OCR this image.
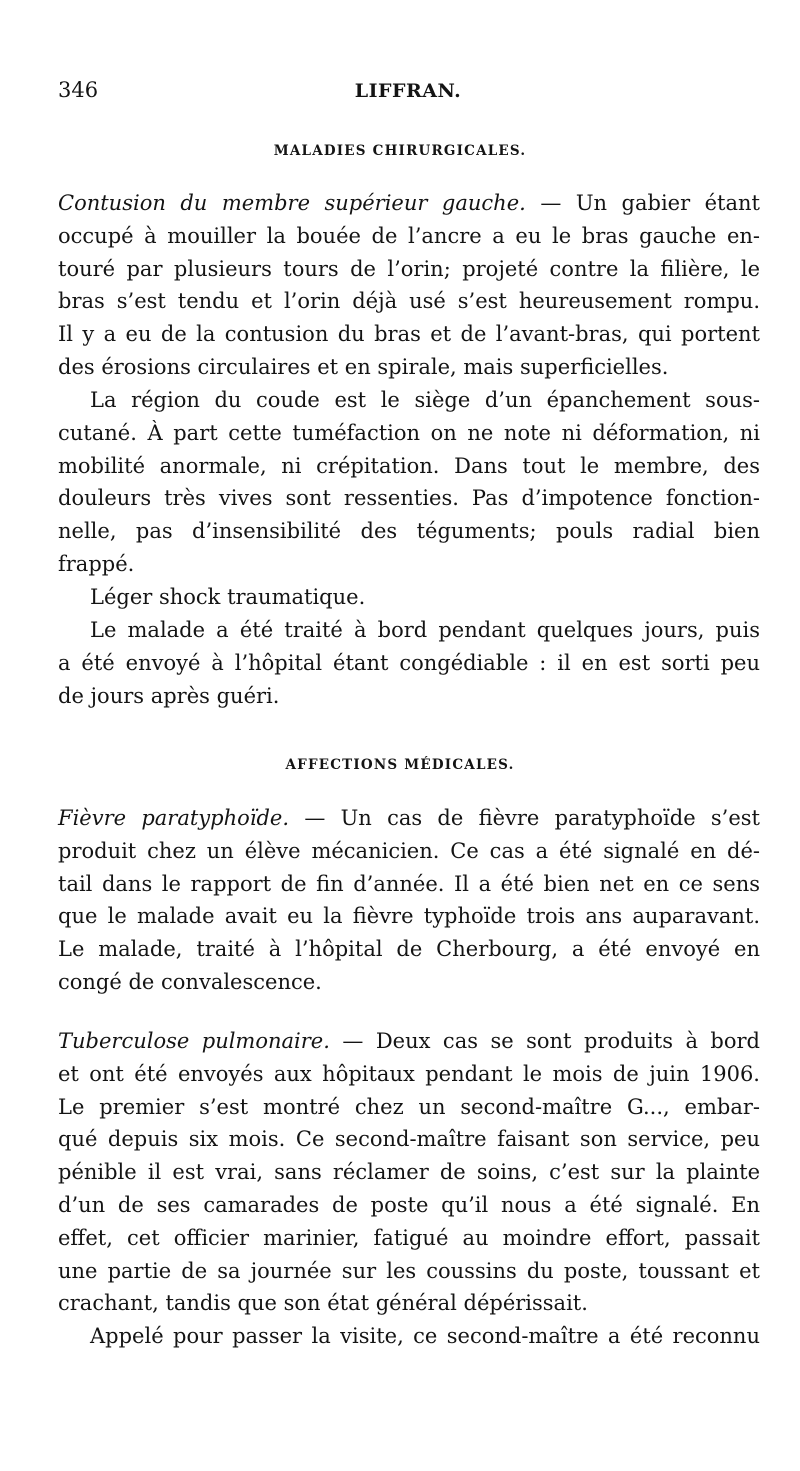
346	LIFFRAN.
MALADIES CHIRURGICALES.
Contusion du membre supérieur gauche. — Un gabier étant
occupé à mouiller la bouée de l’ancre a eu le bras gauche en-
touré par plusieurs tours de l’orin; projeté contre la filière, le
bras s’est tendu et l’orin déjà usé s’est heureusement rompu.
Il y a eu de la contusion du bras et de l’avant-bras, qui portent
des érosions circulaires et en spirale, mais superficielles.
La région du coude est le siège d’un épanchement sous-
cutané. À part cette tuméfaction on ne note ni déformation, ni
mobilité anormale, ni crépitation. Dans tout le membre, des
douleurs très vives sont ressenties. Pas d’impotence fonction-
nelle, pas d’insensibilité des téguments; pouls radial bien
frappé.
Léger shock traumatique.
Le malade a été traité à bord pendant quelques jours, puis
a été envoyé à l’hôpital étant congédiable : il en est sorti peu
de jours après guéri.
AFFECTIONS MÉDICALES.
Fièvre paratyphoïde. — Un cas de fièvre paratyphoïde s’est
produit chez un élève mécanicien. Ce cas a été signalé en dé-
tail dans le rapport de fin d’année. Il a été bien net en ce sens
que le malade avait eu la fièvre typhoïde trois ans auparavant.
Le malade, traité à l’hôpital de Cherbourg, a été envoyé en
congé de convalescence.
Tuberculose pulmonaire. — Deux cas se sont produits à bord
et ont été envoyés aux hôpitaux pendant le mois de juin 1906.
Le premier s’est montré chez un second-maître G..., embar-
qué depuis six mois. Ce second-maître faisant son service, peu
pénible il est vrai, sans réclamer de soins, c’est sur la plainte
d’un de ses camarades de poste qu’il nous a été signalé. En
effet, cet officier marinier, fatigué au moindre effort, passait
une partie de sa journée sur les coussins du poste, toussant et
crachant, tandis que son état général dépérissait.
Appelé pour passer la visite, ce second-maître a été reconnu
